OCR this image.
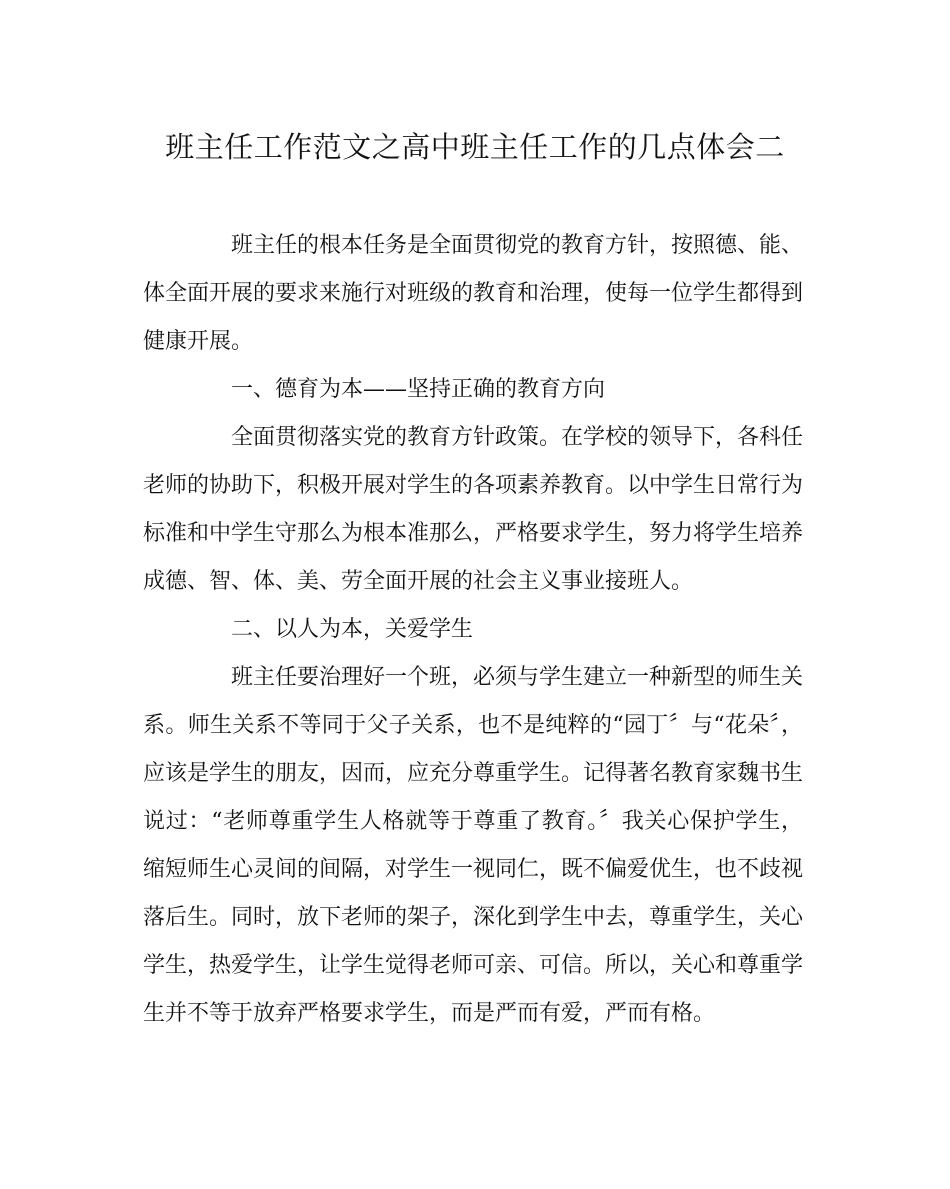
班主任工作范文之高中班主任工作的几点体会二

班主任的根本任务是全面贯彻党的教育方针，按照德、能、体全面开展的要求来施行对班级的教育和治理，使每一位学生都得到健康开展。

一、德育为本——坚持正确的教育方向

全面贯彻落实党的教育方针政策。在学校的领导下，各科任老师的协助下，积极开展对学生的各项素养教育。以中学生日常行为标准和中学生守那么为根本准那么，严格要求学生，努力将学生培养成德、智、体、美、劳全面开展的社会主义事业接班人。

二、以人为本，关爱学生

班主任要治理好一个班，必须与学生建立一种新型的师生关系。师生关系不等同于父子关系，也不是纯粹的“园丁〞与“花朵〞，应该是学生的朋友，因而，应充分尊重学生。记得著名教育家魏书生说过：“老师尊重学生人格就等于尊重了教育。〞我关心保护学生，缩短师生心灵间的间隔，对学生一视同仁，既不偏爱优生，也不歧视落后生。同时，放下老师的架子，深化到学生中去，尊重学生，关心学生，热爱学生，让学生觉得老师可亲、可信。所以，关心和尊重学生并不等于放弃严格要求学生，而是严而有爱，严而有格。
